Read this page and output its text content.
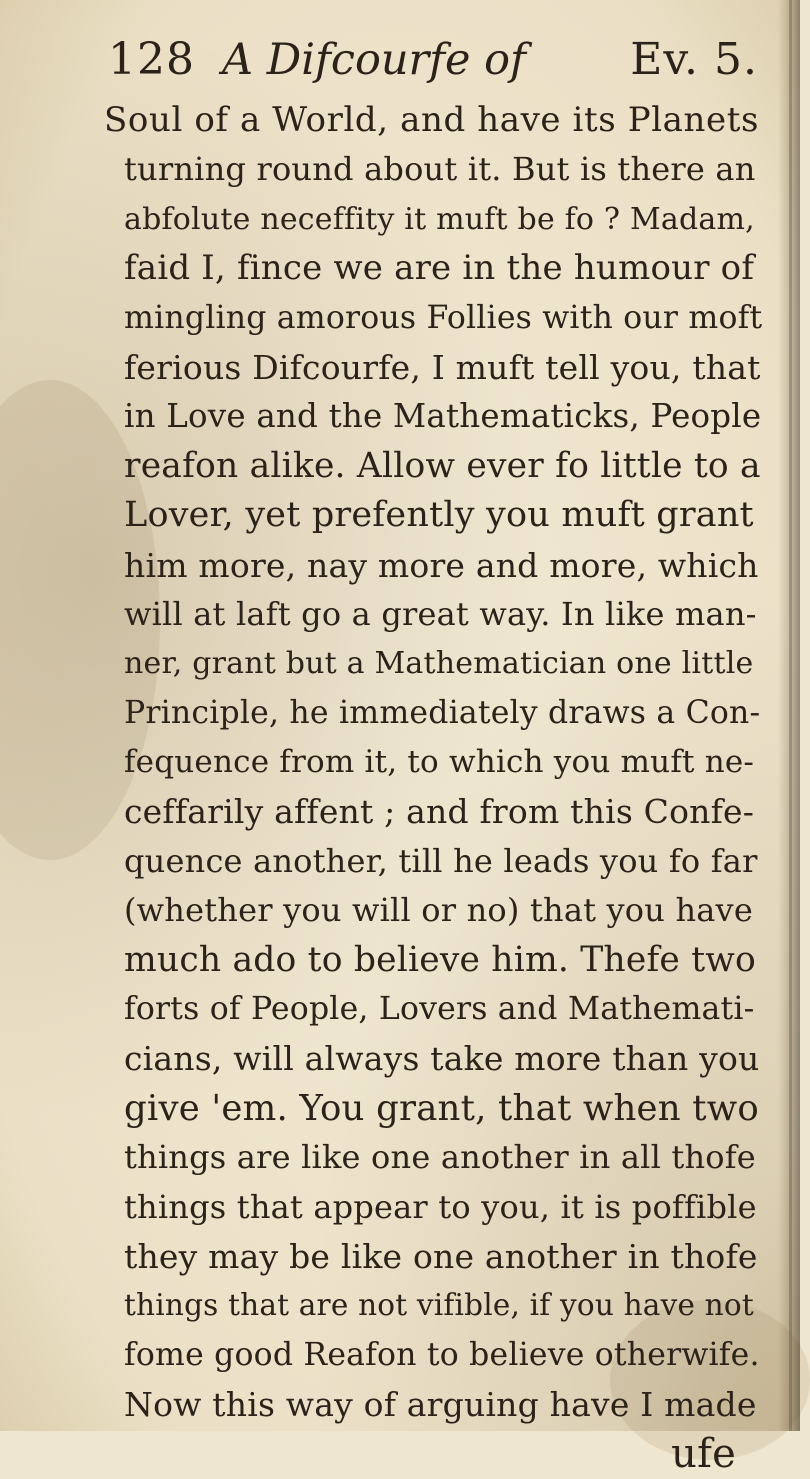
128 A Difcourfe of Ev. 5.
Soul of a World, and have its Planets
turning round about it. But is there an
abfolute neceffity it muft be fo ? Madam,
faid I, fince we are in the humour of
mingling amorous Follies with our moft
ferious Difcourfe, I muft tell you, that
in Love and the Mathematicks, People
reafon alike. Allow ever fo little to a
Lover, yet prefently you muft grant
him more, nay more and more, which
will at laft go a great way. In like man-
ner, grant but a Mathematician one little
Principle, he immediately draws a Con-
fequence from it, to which you muft ne-
ceffarily affent ; and from this Confe-
quence another, till he leads you fo far
(whether you will or no) that you have
much ado to believe him. Thefe two
forts of People, Lovers and Mathemati-
cians, will always take more than you
give 'em. You grant, that when two
things are like one another in all thofe
things that appear to you, it is poffible
they may be like one another in thofe
things that are not vifible, if you have not
fome good Reafon to believe otherwife.
Now this way of arguing have I made
ufe
